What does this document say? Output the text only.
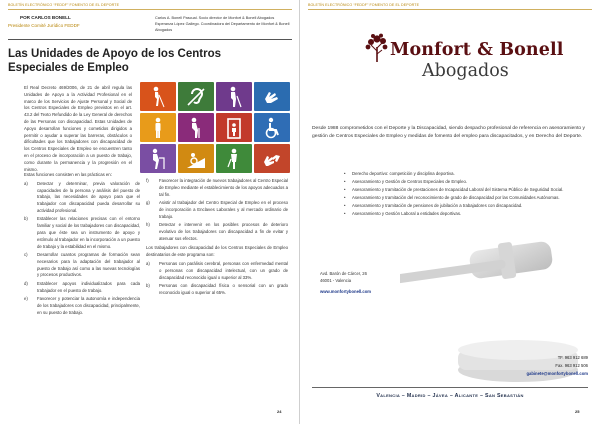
BOLETÍN ELECTRÓNICO “FEDDF” FOMENTO DE EL DEPORTE
POR CARLOS BONELL
Presidente Comité Jurídico FEDDF
Carlos A. Bonell Pascual. Socio director de Monfort & Bonell Abogados
Esperanza López Gallego. Coordinadora del Departamento de Monfort & Bonell Abogados
Las Unidades de Apoyo de los Centros Especiales de Empleo

El Real Decreto 469/2006, de 21 de abril regula las Unidades de Apoyo a la Actividad Profesional en el marco de los Servicios de Ajuste Personal y Social de los Centros Especiales de Empleo previstos en el art. 43.2 del Texto Refundido de la Ley General de derechos de las Personas con discapacidad. Estas Unidades de Apoyo desarrollan funciones y cometidos dirigidos a permitir o ayudar a superar las barreras, obstáculos o dificultades que los trabajadores con discapacidad de los Centros Especiales de Empleo se encuentren tanto en el proceso de incorporación a un puesto de trabajo, como durante la permanencia y la progresión en el mismo.

Estas funciones consisten en las prácticas en:

a)	Detectar y determinar, previa valoración de capacidades de la persona y análisis del puesto de trabajo, las necesidades de apoyo para que el trabajador con discapacidad pueda desarrollar su actividad profesional.
b)	Establecer las relaciones precisas con el entorno familiar y social de los trabajadores con discapacidad, para que éste sea un instrumento de apoyo y estímulo al trabajador en la incorporación a un puesto de trabajo y la estabilidad en el mismo.
c)	Desarrollar cuantos programas de formación sean necesarios para la adaptación del trabajador al puesto de trabajo así como a las nuevas tecnologías y procesos productivos.
d)	Establecer apoyos individualizados para cada trabajador en el puesto de trabajo.
e)	Favorecer y potenciar la autonomía e independencia de los trabajadores con discapacidad, principalmente, en su puesto de trabajo.
f)	Favorecer la integración de nuevos trabajadores al Centro Especial de Empleo mediante el establecimiento de los apoyos adecuados a tal fin.
g)	Asistir al trabajador del Centro Especial de Empleo en el proceso de incorporación a Enclaves Laborales y al mercado ordinario de trabajo.
h)	Detectar e intervenir en los posibles procesos de deterioro evolutivo de los trabajadores con discapacidad a fin de evitar y atenuar sus efectos.

Los trabajadores con discapacidad de los Centros Especiales de Empleo destinatarios de este programa son:

a)	Personas con parálisis cerebral, personas con enfermedad mental o personas con discapacidad intelectual, con un grado de discapacidad reconocido igual o superior al 33%.
b)	Personas con discapacidad física o sensorial con un grado reconocido igual o superior al 65%.
24
BOLETÍN ELECTRÓNICO “FEDDF” FOMENTO DE EL DEPORTE
Monfort & Bonell
Abogados

Desde 1988 comprometidos con el Deporte y la Discapacidad, siendo despacho profesional de referencia en asesoramiento y gestión de Centros Especiales de Empleo y medidas de fomento del empleo para discapacitados, y en Derecho del Deporte.

• Derecho deportivo: competición y disciplina deportiva.
• Asesoramiento y Gestión de Centros Especiales de Empleo.
• Asesoramiento y tramitación de prestaciones de Incapacidad Laboral del Sistema Público de Seguridad Social.
• Asesoramiento y tramitación del reconocimiento de grado de discapacidad por las Comunidades Autónomas.
• Asesoramiento y tramitación de pensiones de jubilación a trabajadores con discapacidad.
• Asesoramiento y Gestión Laboral a entidades deportivas.
Avd. Barón de Cárcer, 26
46001 - Valencia
www.monfortybonell.com
TF. 963 912 689
Fax. 963 912 506
gabinete@monfortybonell.com
Valencia – Madrid – Jávea – Alicante – San Sebastián
25
